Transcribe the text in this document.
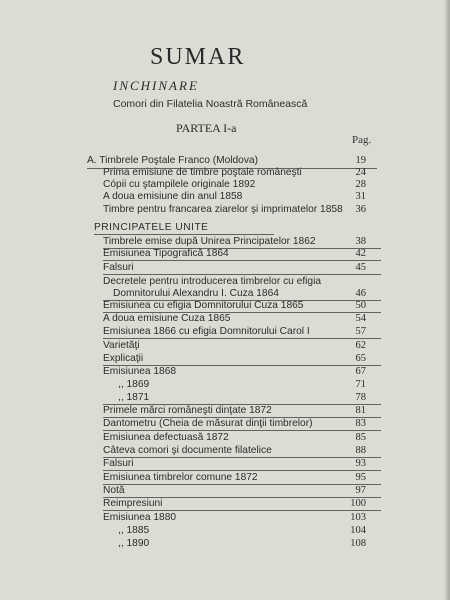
SUMAR
INCHINARE
Comori din Filatelia Noastră Românească
PARTEA I-a
Pag.
A. Timbrele Poştale Franco (Moldova)	19
Prima emisiune de timbre poştale româneşti	24
Cópii cu ştampilele originale 1892	28
A doua emisiune din anul 1858	31
Timbre pentru francarea ziarelor şi imprimatelor 1858	36
PRINCIPATELE UNITE
Timbrele emise după Unirea Principatelor 1862	38
Emisiunea Tipografică 1864	42
Falsuri	45
Decretele pentru introducerea timbrelor cu efigia
Domnitorului Alexandru I. Cuza 1864	46
Emisiunea cu efigia Domnitorului Cuza 1865	50
A doua emisiune Cuza 1865	54
Emisiunea 1866 cu efigia Domnitorului Carol I	57
Varietăţi	62
Explicaţii	65
Emisiunea 1868	67
,, 1869	71
,, 1871	78
Primele mărci româneşti dinţate 1872	81
Dantometru (Cheia de măsurat dinţii timbrelor)	83
Emisiunea defectuasă 1872	85
Câteva comori şi documente filatelice	88
Falsuri	93
Emisiunea timbrelor comune 1872	95
Notă	97
Reimpresiuni	100
Emisiunea 1880	103
,, 1885	104
,, 1890	108
